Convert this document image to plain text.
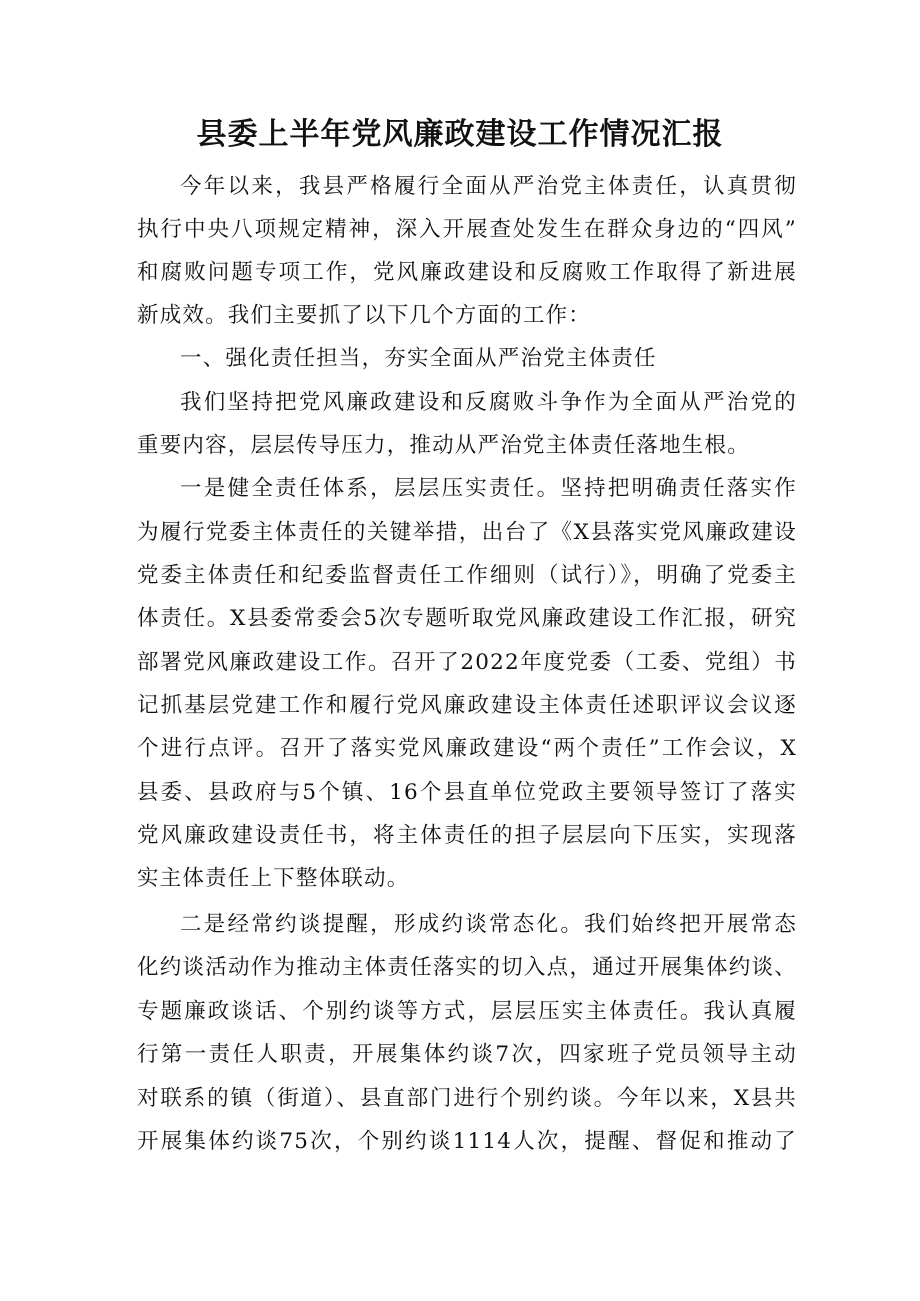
县委上半年党风廉政建设工作情况汇报
今年以来，我县严格履行全面从严治党主体责任，认真贯彻
执行中央八项规定精神，深入开展查处发生在群众身边的“四风”
和腐败问题专项工作，党风廉政建设和反腐败工作取得了新进展
新成效。我们主要抓了以下几个方面的工作：
一、强化责任担当，夯实全面从严治党主体责任
我们坚持把党风廉政建设和反腐败斗争作为全面从严治党的
重要内容，层层传导压力，推动从严治党主体责任落地生根。
一是健全责任体系，层层压实责任。坚持把明确责任落实作
为履行党委主体责任的关键举措，出台了《X县落实党风廉政建设
党委主体责任和纪委监督责任工作细则（试行）》，明确了党委主
体责任。X县委常委会5次专题听取党风廉政建设工作汇报，研究
部署党风廉政建设工作。召开了2022年度党委（工委、党组）书
记抓基层党建工作和履行党风廉政建设主体责任述职评议会议逐
个进行点评。召开了落实党风廉政建设“两个责任”工作会议，X
县委、县政府与5个镇、16个县直单位党政主要领导签订了落实
党风廉政建设责任书，将主体责任的担子层层向下压实，实现落
实主体责任上下整体联动。
二是经常约谈提醒，形成约谈常态化。我们始终把开展常态
化约谈活动作为推动主体责任落实的切入点，通过开展集体约谈、
专题廉政谈话、个别约谈等方式，层层压实主体责任。我认真履
行第一责任人职责，开展集体约谈7次，四家班子党员领导主动
对联系的镇（街道）、县直部门进行个别约谈。今年以来，X县共
开展集体约谈75次，个别约谈1114人次，提醒、督促和推动了
